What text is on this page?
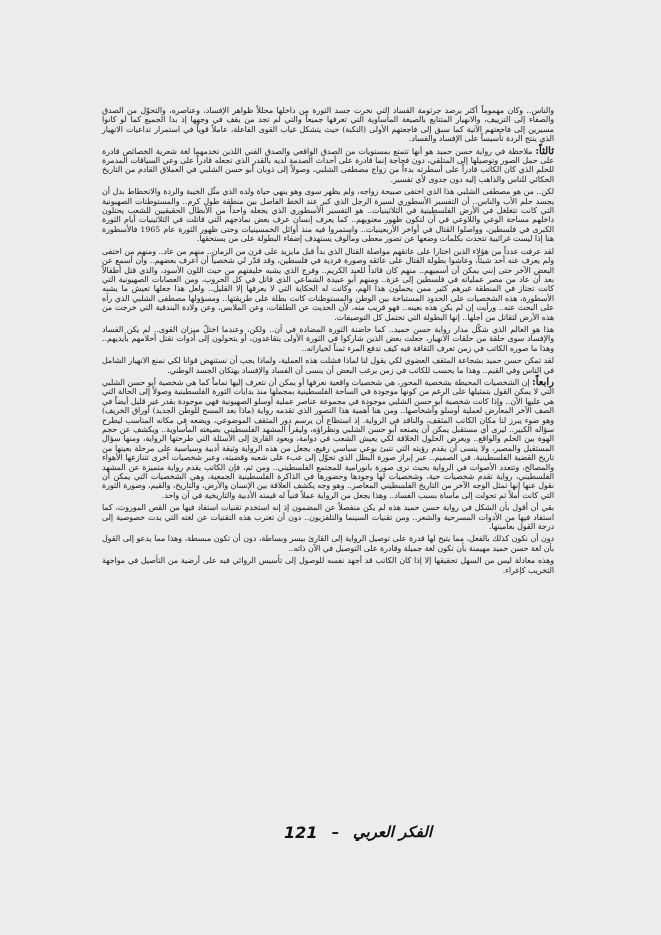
والناس.. وكان مهموماً أكثر برصد جرثومة الفساد التي نخرت جسد الثورة من داخلها محللاً ظواهر الإفساد، وعناصره، والتحوّل من الصدق والصفاء إلى التزييف، والانهيار المتتابع بالصيغة المأساوية التي تعرفها جميعاً والتي لم تجد من يقف في وجهها إذ بدا الجميع كما لو كانوا مسيرين إلى فاجعتهم الآتية كما سبق إلى فاجعتهم الأولى (النكبة) حيث يتشكل غياب القوى الفاعلة، عاملاً قوياً في استمرار تداعيات الانهيار الذي ينتج الردة تأسيساً على الإفساد والفساد.

ثالثاً: ملاحظة في رواية حسن حميد هو أنها تتمتع بمستويات من الصدق الواقعي والصدق الفني اللذين تخدمهما لغة شعرية الخصائص قادرة على حمل الصور وتوصيلها إلى المتلقي، دون فجاجة إنما قادرة على أحداث الصدمة لديه بالقدر الذي تجعله قادراً على وعي السياقات المدمرة للحلم الذي كان الكاتب قادراً على أسطرته بدءاً من زواج مصطفى الشلبي، وصولاً إلى ذوبان أبو حسن الشلبي في العملاق القادم من التاريخ الحكائي للناس والذاهب إليه دون جدوى لأي تفسير.

لكن.. من هو مصطفى الشلبي هذا الذي اختفى صبيحة زواجه، ولم يظهر سوى وهو ينهي حياة ولده الذي مثّل الخيبة والردة والانحطاط بدل أن يجسد حلم الأب والناس.. أن التفسير الأسطوري لسيرة الرجل الذي كبر عند الخط الفاصل بين منطقة طول كرم.. والمستوطنات الصهيونية التي كانت تتغلغل في الأرض الفلسطينية في الثلاثينيات.. هو التفسير الأسطوري الذي يجعله واحداً من الأبطال الحقيقيين للشعب يحتلون داخلهم مساحة الوعي واللاوعي في آن لتكون ظهور معنويهم.. كما يعرف إنسان عرف بعض نماذجهم التي قاتلت في الثلاثينيات أيام الثورة الكبرى في فلسطين، وواصلوا القتال في أواخر الأربعينيات.. واستمروا فيه منذ أوائل الخمسينيات وحتى ظهور الثورة عام 1965 فالأسطورة هنا إذا ليست غرائبية تتحدث بكلمات وضعها عن تصور معطى ومألوف يستهدف إضفاء البطولة على من يستحقها.

لقد عرفت عدداً من هؤلاء الذين اختارا على عاتقهم مواصلة القتال الذي بدأ قبل مايزيد على قرن من الزمان.. منهم من عاد.. ومنهم من اختفى ولم يعرف عنه أحد شيئاً، وعاشوا بطولة القتال على عائقه وصورة فردية في فلسطين، وقد قدّر لي شخصياً أن أعرف بعضهم.. وأن أسمع عن البعض الآخر حتى إنني يمكن أن أسميهم.. منهم كان قائداً للعبد الكريم.. وفرج الذي يشبه خليفتهم من حيث اللون الأسود، والذي قتل أطفالاً بعد أن عاد من مصر عملياته في فلسطين إلى غزة.. ومنهم أبو عبيدة الشماعي الذي قاتل في كل الحروب، ومن العصابات الصهيونية التي كانت تجتاز في المنطقة غيرهم كثير ممن يحملون هذا الهم، وكانت له الحكاية التي لا يعرفها إلا القليل.. ولعل هذا جعلها تعيش ما يشبه الأسطورة، هذه الشخصيات على الحدود المستباحة بين الوطن والمستوطنات كانت بطلة على طريقتها.. ومسؤولها مصطفى الشلبي الذي رآه على البحث عنه.. ورأيت إن لم يكن هذه بعينه.. فهو قريب منه، لأن الحديث عن الطلقات، وعن الملابس، وعن ولادة البندقية التي خرجت من هذه الأرض لتقاتل من أجلها.. إنها البطولة التي تحتمل كل التوصيفات.

هذا هو العالم الذي شكّل مدار رواية حسن حميد.. كما حاضنة الثورة المضادة في آن.. ولكن، وعندما اختلّ ميزان القوى.. لم يكن الفساد والإفساد سوى حلقة من حلقات الانهيار، جعلت بعض الذين شاركوا في الثورة الأولى يتقاعدون، أو يتحولون إلى أدوات تقتل أحلامهم بأيديهم.. وهذا ما صوره الكاتب في زمن تعرف الثقافة فيه كيف تدفع المرء ثمناً لخياراته..

لقد تمكن حسن حميد بشجاعة المثقف العضوي لكي يقول لنا لماذا فشلت هذه العملية، ولماذا يجب أن نستنهض قوانا لكي نمنع الانهيار الشامل في الناس وفي القيم.. وهذا ما يحسب للكاتب في زمن يرغب البعض أن ينسى أن الفساد والإفساد يهتكان الجسد الوطني.

رابعاً: إن الشخصيات المحيطة بشخصية المحور، هي شخصيات واقعية نعرفها أو يمكن أن نتعرف إليها تماماً كما هي شخصية أبو حسن الشلبي التي لا يمكن القول بتمثيلها على الرغم من كونها موجودة في الساحة الفلسطينية بمجملها منذ بدايات الثورة الفلسطينية وصولاً إلى الحالة التي هي عليها الآن.. وإذا كانت شخصية أبو حسن الشلبي موجودة في مجموعة عناصر عملية أوسلو الصهيونية فهي موجودة بقدر غير قليل أيضاً في الصف الآخر المعارض لعملية أوسلو وأشخاصها.. ومن هنا أهمية هذا التصور الذي تقدمه رواية (ماذا بعد المسح للوطن الجديد) أوراق الخريف) وهو ضوء يبرز لنا مكان الكاتب المثقف، والناقد في الرواية. إذ استطاع أن يرسم دور المثقف الموضوعي، ويضعه في مكانه المناسب ليطرح سؤاله الكبير.. ليرى أي مستقبل يمكن أن يصنعه أبو حسن الشلبي ونظراؤه، وليقرأ المشهد الفلسطيني بصيغته المأساوية.. ويكشف عن حجم الهوة بين الحلم والواقع.. ويعرض الحلول الخلاقة لكي يعيش الشعب في دوامة، ويعود القارئ إلى الأسئلة التي طرحتها الرواية، ومنها سؤال المستقبل والمصير، ولا ينسى أن يقدم رؤيته التي تنبئ بوعي سياسي رفيع، يجعل من هذه الرواية وثيقة أدبية وسياسية على مرحلة بعينها من تاريخ القضية الفلسطينية. في الصميم.. عبر إبراز صورة البطل الذي تحوّل إلى عبء على شعبه وقضيته، وعبر شخصيات أخرى تتنازعها الأهواء والمصالح، وتتعدد الأصوات في الرواية بحيث نرى صورة بانورامية للمجتمع الفلسطيني.. ومن ثم، فإن الكاتب يقدم رواية متميزة عن المشهد الفلسطيني، رواية تقدم شخصيات حية، وشخصيات لها وجودها وحضورها في الذاكرة الفلسطينية الجمعية، وهي الشخصيات التي يمكن أن نقول عنها إنها تمثل الوجه الآخر من التاريخ الفلسطيني المعاصر.. وهو وجه يكشف العلاقة بين الإنسان والأرض، والتاريخ، والقيم، وصورة الثورة التي كانت أملاً ثم تحولت إلى مأساة بسبب الفساد.. وهذا يجعل من الرواية عملاً فنياً له قيمته الأدبية والتاريخية في آن واحد.

بقي أن أقول بأن الشكل في رواية حسن حميد هذه لم يكن منفصلاً عن المضمون إذ إنه استخدم تقنيات استفاد فيها من القص الموروث، كما استفاد فيها من الأدوات المسرحية والشعر.. ومن تقنيات السينما والتلفزيون.. دون أن تغترب هذه التقنيات عن لغته التي بدت خصوصية إلى درجة القول بعاميتها.

دون أن نكون كذلك بالفعل، مما يتيح لها قدرة على توصيل الرواية إلى القارئ بيسر وبساطة، دون أن تكون مبسطة، وهذا مما يدعو إلى القول بأن لغة حسن حميد مهيمنة بأن تكون لغة جميلة وقادرة على التوصيل في الآن ذاته..

وهذه معادلة ليس من السهل تحقيقها إلا إذا كان الكاتب قد أجهد نفسه للوصول إلى تأسيس الروائي فيه على أرضية من التأصيل في مواجهة التخريب كإغراء.

الفكر العربي
–
121
